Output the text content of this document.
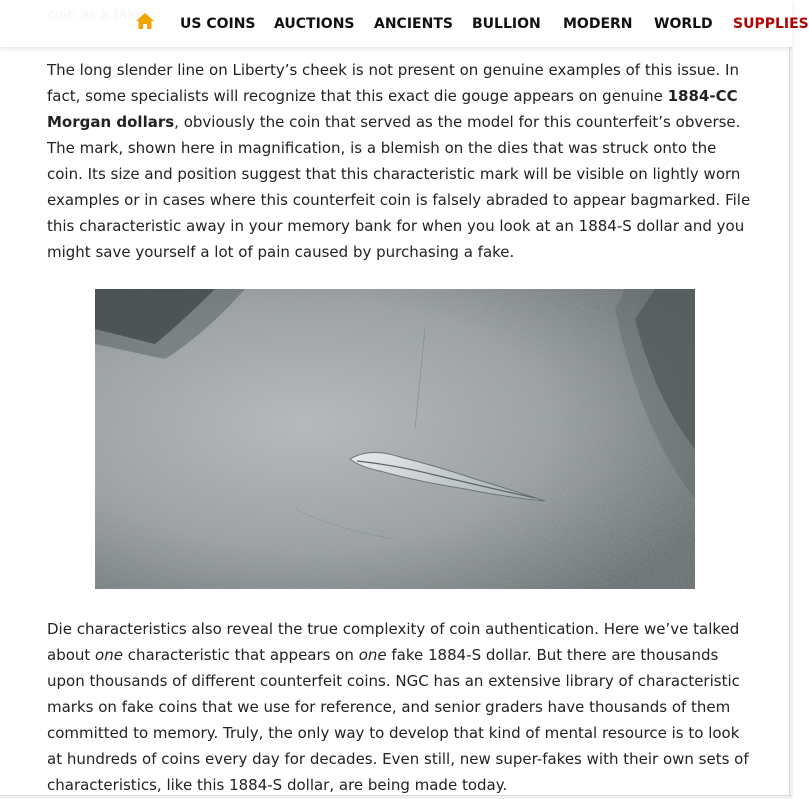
US COINS AUCTIONS ANCIENTS BULLION MODERN WORLD SUPPLIES

The long slender line on Liberty’s cheek is not present on genuine examples of this issue. In fact, some specialists will recognize that this exact die gouge appears on genuine 1884-CC Morgan dollars, obviously the coin that served as the model for this counterfeit’s obverse. The mark, shown here in magnification, is a blemish on the dies that was struck onto the coin. Its size and position suggest that this characteristic mark will be visible on lightly worn examples or in cases where this counterfeit coin is falsely abraded to appear bagmarked. File this characteristic away in your memory bank for when you look at an 1884-S dollar and you might save yourself a lot of pain caused by purchasing a fake.

Die characteristics also reveal the true complexity of coin authentication. Here we’ve talked about one characteristic that appears on one fake 1884-S dollar. But there are thousands upon thousands of different counterfeit coins. NGC has an extensive library of characteristic marks on fake coins that we use for reference, and senior graders have thousands of them committed to memory. Truly, the only way to develop that kind of mental resource is to look at hundreds of coins every day for decades. Even still, new super-fakes with their own sets of characteristics, like this 1884-S dollar, are being made today.
